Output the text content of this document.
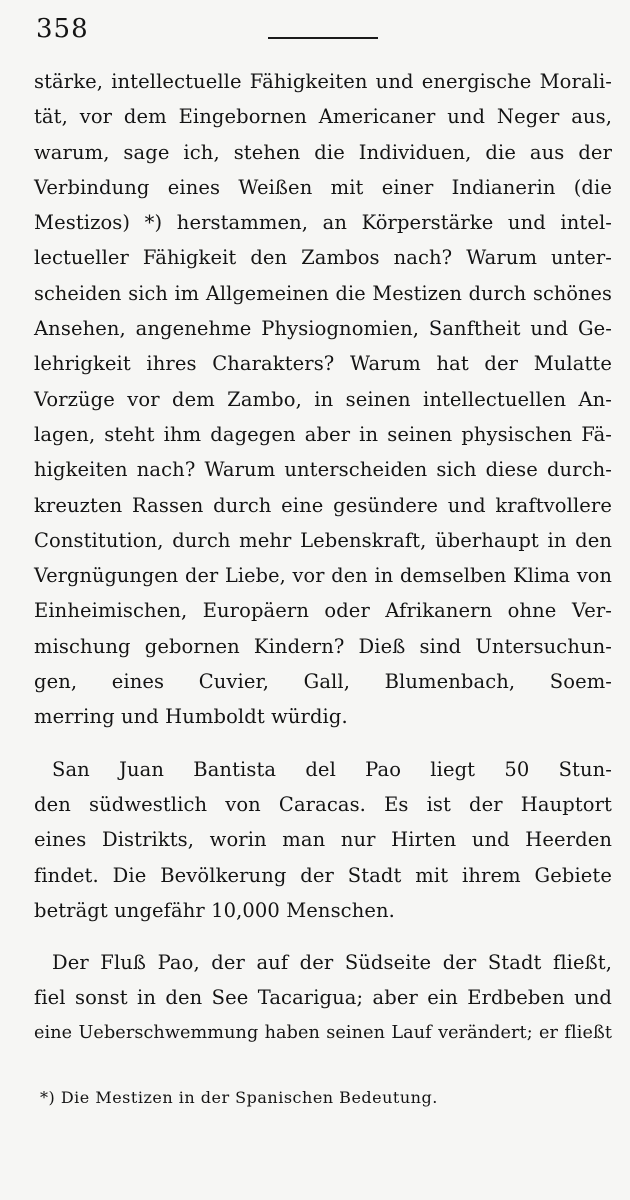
358
stärke, intellectuelle Fähigkeiten und energische Morali-
tät, vor dem Eingebornen Americaner und Neger aus,
warum, sage ich, stehen die Individuen, die aus der
Verbindung eines Weißen mit einer Indianerin (die
Mestizos) *) herstammen, an Körperstärke und intel-
lectueller Fähigkeit den Zambos nach? Warum unter-
scheiden sich im Allgemeinen die Mestizen durch schönes
Ansehen, angenehme Physiognomien, Sanftheit und Ge-
lehrigkeit ihres Charakters? Warum hat der Mulatte
Vorzüge vor dem Zambo, in seinen intellectuellen An-
lagen, steht ihm dagegen aber in seinen physischen Fä-
higkeiten nach? Warum unterscheiden sich diese durch-
kreuzten Rassen durch eine gesündere und kraftvollere
Constitution, durch mehr Lebenskraft, überhaupt in den
Vergnügungen der Liebe, vor den in demselben Klima von
Einheimischen, Europäern oder Afrikanern ohne Ver-
mischung gebornen Kindern? Dieß sind Untersuchun-
gen, eines Cuvier, Gall, Blumenbach, Soem-
merring und Humboldt würdig.
San Juan Bantista del Pao liegt 50 Stun-
den südwestlich von Caracas. Es ist der Hauptort
eines Distrikts, worin man nur Hirten und Heerden
findet. Die Bevölkerung der Stadt mit ihrem Gebiete
beträgt ungefähr 10,000 Menschen.
Der Fluß Pao, der auf der Südseite der Stadt fließt,
fiel sonst in den See Tacarigua; aber ein Erdbeben und
eine Ueberschwemmung haben seinen Lauf verändert; er fließt
*) Die Mestizen in der Spanischen Bedeutung.
